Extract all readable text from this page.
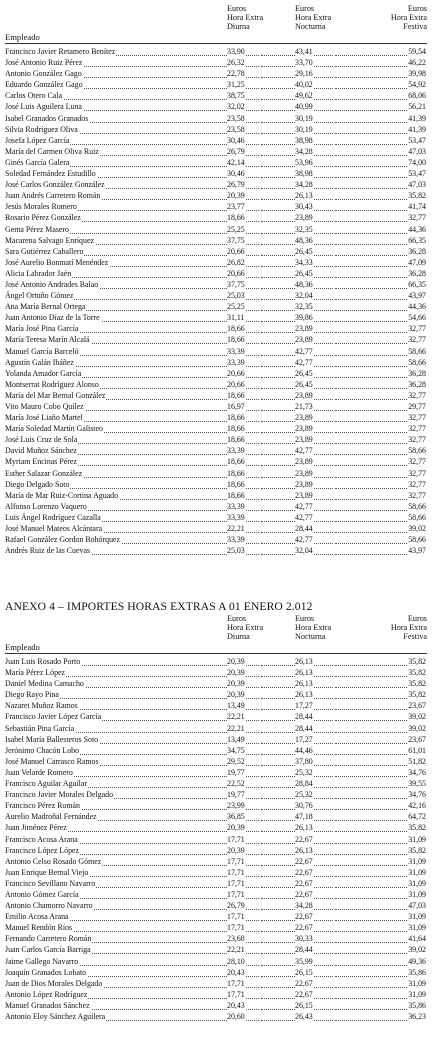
Euros
Hora Extra
Diurna
Euros
Hora Extra
Nocturna
Euros
Hora Extra
Festiva
Empleado
Francisco Javier Retamero Benítez	33,90	43,41	59,54
José Antonio Ruiz Pérez	26,32	33,70	46,22
Antonio González Gago	22,78	29,16	39,98
Eduardo González Gago	31,25	40,02	54,92
Carlos Otero Cala	38,75	49,62	68,06
José Luis Aguilera Luna	32,02	40,99	56,21
Isabel Granados Granados	23,58	30,19	41,39
Silvia Rodríguez Oliva	23,58	30,19	41,39
Josefa López García	30,46	38,98	53,47
María del Carmen Oliva Ruiz	26,79	34,28	47,03
Ginés García Galera	42,14	53,96	74,00
Soledad Fernández Estudillo	30,46	38,98	53,47
José Carlos González González	26,79	34,28	47,03
Juan Andrés Carretero Román	20,39	26,13	35,82
Jesús Morales Romero	23,77	30,43	41,74
Rosario Pérez González	18,66	23,89	32,77
Gema Pérez Masero	25,25	32,35	44,36
Macarena Salvago Enríquez	37,75	48,36	66,35
Sara Gutiérrez Caballero	20,66	26,45	36,28
José Aurelio Bonmatí Menéndez	26,82	34,33	47,09
Alicia Labrador Jaén	20,66	26,45	36,28
José Antonio Andrades Balao	37,75	48,36	66,35
Ángel Ortuño Gómez	25,03	32,04	43,97
Ana María Bernal Ortega	25,25	32,35	44,36
Juan Antonio Díaz de la Torre	31,11	39,86	54,66
María José Pina García	18,66	23,89	32,77
María Teresa Marín Alcalá	18,66	23,89	32,77
Manuel García Barceló	33,39	42,77	58,66
Agustín Galán Ibáñez	33,39	42,77	58,66
Yolanda Amador García	20,66	26,45	36,28
Montserrat Rodríguez Alonso	20,66	26,45	36,28
María del Mar Bernal González	18,66	23,89	32,77
Vito Mauro Cobo Quílez	16,97	21,73	29,77
María José Liaño Martel	18,66	23,89	32,77
María Soledad Martín Galisteo	18,66	23,89	32,77
José Luis Cruz de Sola	18,66	23,89	32,77
David Muñoz Sánchez	33,39	42,77	58,66
Myriam Encinas Pérez	18,66	23,89	32,77
Esther Salazar González	18,66	23,89	32,77
Diego Delgado Soto	18,66	23,89	32,77
María de Mar Ruiz-Cortina Aguado	18,66	23,89	32,77
Alfonso Lorenzo Vaquero	33,39	42,77	58,66
Luis Ángel Rodríguez Cazalla	33,39	42,77	58,66
José Manuel Mateos Alcántara	22,21	28,44	39,02
Rafael González Gordon Bohórquez	33,39	42,77	58,66
Andrés Ruiz de las Cuevas	25,03	32,04	43,97
ANEXO 4 – IMPORTES HORAS EXTRAS A 01 ENERO 2.012
Euros
Hora Extra
Diurna
Euros
Hora Extra
Nocturna
Euros
Hora Extra
Festiva
Empleado
Juan Luis Rosado Porto	20,39	26,13	35,82
María Pérez López	20,39	26,13	35,82
Daniel Medina Camacho	20,39	26,13	35,82
Diego Rayo Pina	20,39	26,13	35,82
Nazaret Muñoz Ramos	13,49	17,27	23,67
Francisco Javier López García	22,21	28,44	39,02
Sebastián Pina García	22,21	28,44	39,02
Isabel María Ballesteros Soto	13,49	17,27	23,67
Jerónimo Chacón Lobo	34,75	44,46	61,01
José Manuel Carrasco Ramos	29,52	37,80	51,82
Juan Velarde Romero	19,77	25,32	34,76
Francisco Aguilar Aguilar	22,52	28,84	39,55
Francisco Javier Morales Delgado	19,77	25,32	34,76
Francisco Pérez Román	23,99	30,76	42,16
Aurelio Madroñal Fernández	36,85	47,18	64,72
Juan Jiménez Pérez	20,39	26,13	35,82
Francisco Acosa Arana	17,71	22,67	31,09
Francisco López López	20,39	26,13	35,82
Antonio Celso Rosado Gómez	17,71	22,67	31,09
Juan Enrique Bernal Viejo	17,71	22,67	31,09
Francisco Sevillano Navarro	17,71	22,67	31,09
Antonio Gómez García	17,71	22,67	31,09
Antonio Chamorro Navarro	26,79	34,28	47,03
Emilio Acosa Arana	17,71	22,67	31,09
Manuel Rendón Ríos	17,71	22,67	31,09
Fernando Carretero Román	23,68	30,33	41,64
Juan Carlos García Barriga	22,21	28,44	39,02
Jaime Gallego Navarro	28,10	35,99	49,36
Joaquín Granados Lobato	20,43	26,15	35,86
Juan de Dios Morales Delgado	17,71	22,67	31,09
Antonio López Rodríguez	17,71	22,67	31,09
Manuel Granados Sánchez	20,43	26,15	35,86
Antonio Eloy Sánchez Aguilera	20,60	26,43	36,23
